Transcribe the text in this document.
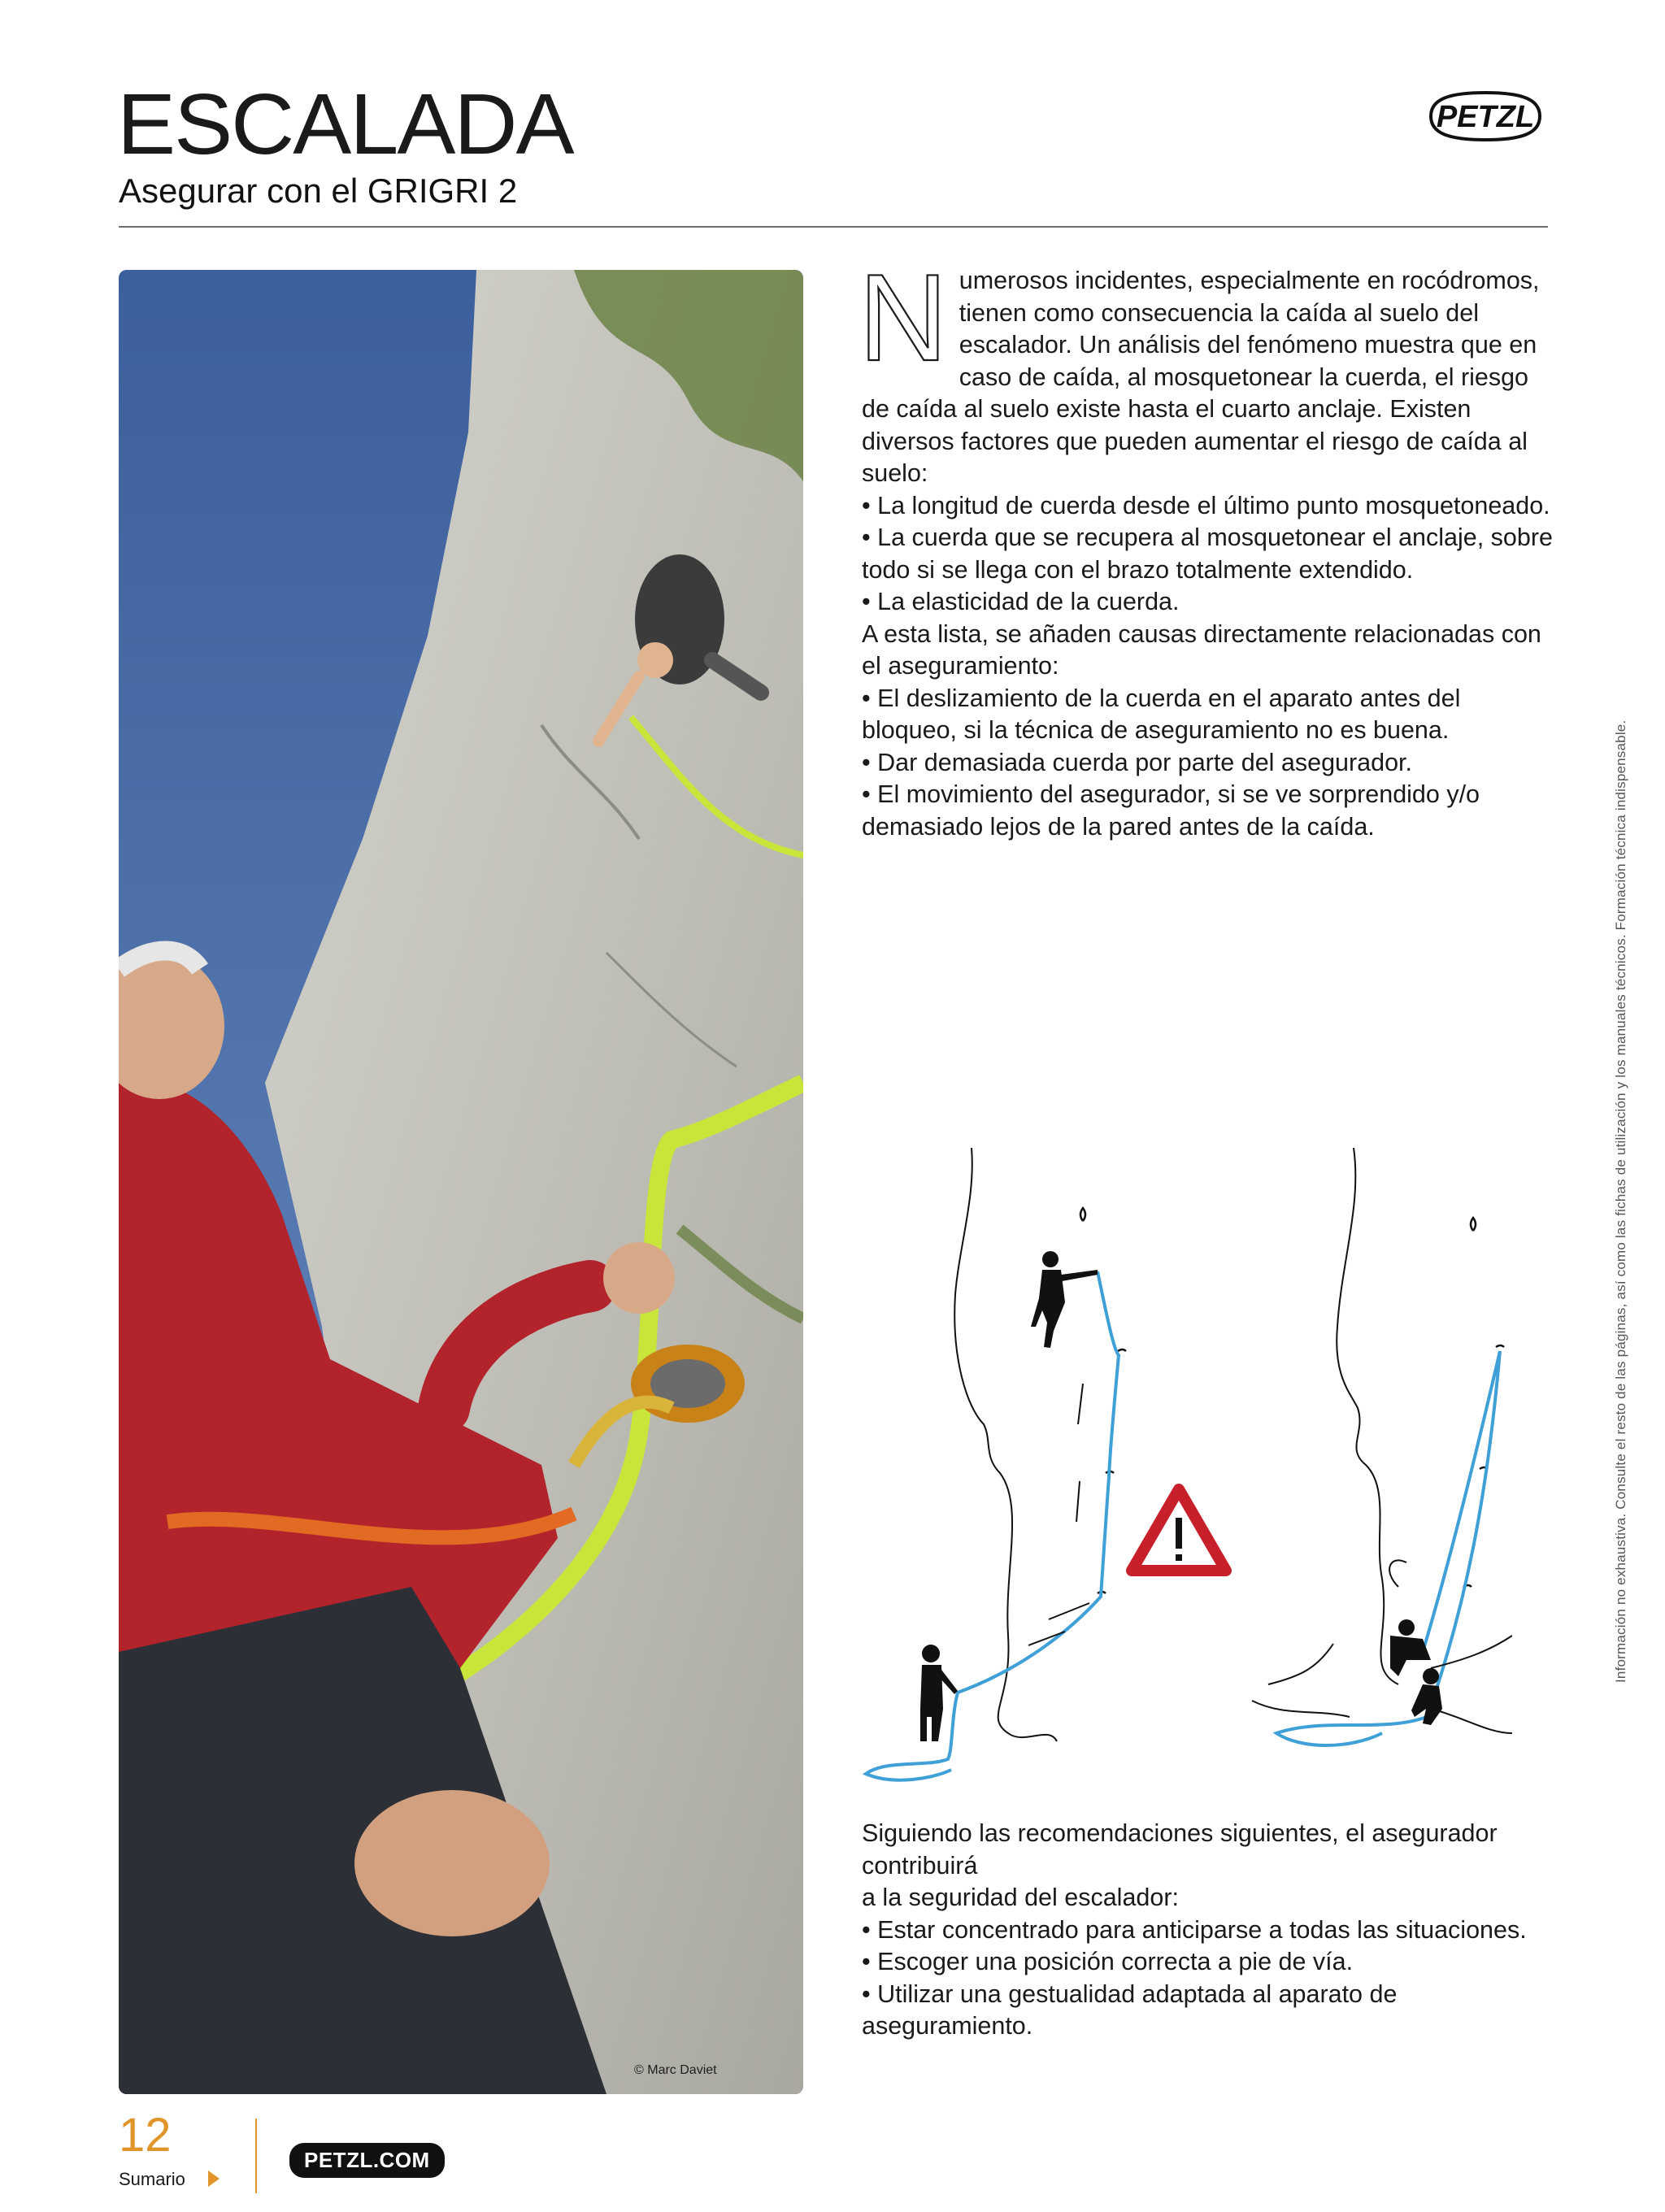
ESCALADA
Asegurar con el GRIGRI 2
PETZL
© Marc Daviet
N umerosos incidentes, especialmente en rocódromos, tienen como consecuencia la caída al suelo del escalador. Un análisis del fenómeno muestra que en caso de caída, al mosquetonear la cuerda, el riesgo de caída al suelo existe hasta el cuarto anclaje. Existen diversos factores que pueden aumentar el riesgo de caída al suelo:

• La longitud de cuerda desde el último punto mosquetoneado.

• La cuerda que se recupera al mosquetonear el anclaje, sobre todo si se llega con el brazo totalmente extendido.

• La elasticidad de la cuerda.

A esta lista, se añaden causas directamente relacionadas con el aseguramiento:

• El deslizamiento de la cuerda en el aparato antes del bloqueo, si la técnica de aseguramiento no es buena.

• Dar demasiada cuerda por parte del asegurador.

• El movimiento del asegurador, si se ve sorprendido y/o demasiado lejos de la pared antes de la caída.

Siguiendo las recomendaciones siguientes, el asegurador contribuirá

a la seguridad del escalador:

• Estar concentrado para anticiparse a todas las situaciones.

• Escoger una posición correcta a pie de vía.

• Utilizar una gestualidad adaptada al aparato de aseguramiento.

Información no exhaustiva. Consulte el resto de las páginas, así como las fichas de utilización y los manuales técnicos. Formación técnica indispensable.
12
Sumario
PETZL.COM
